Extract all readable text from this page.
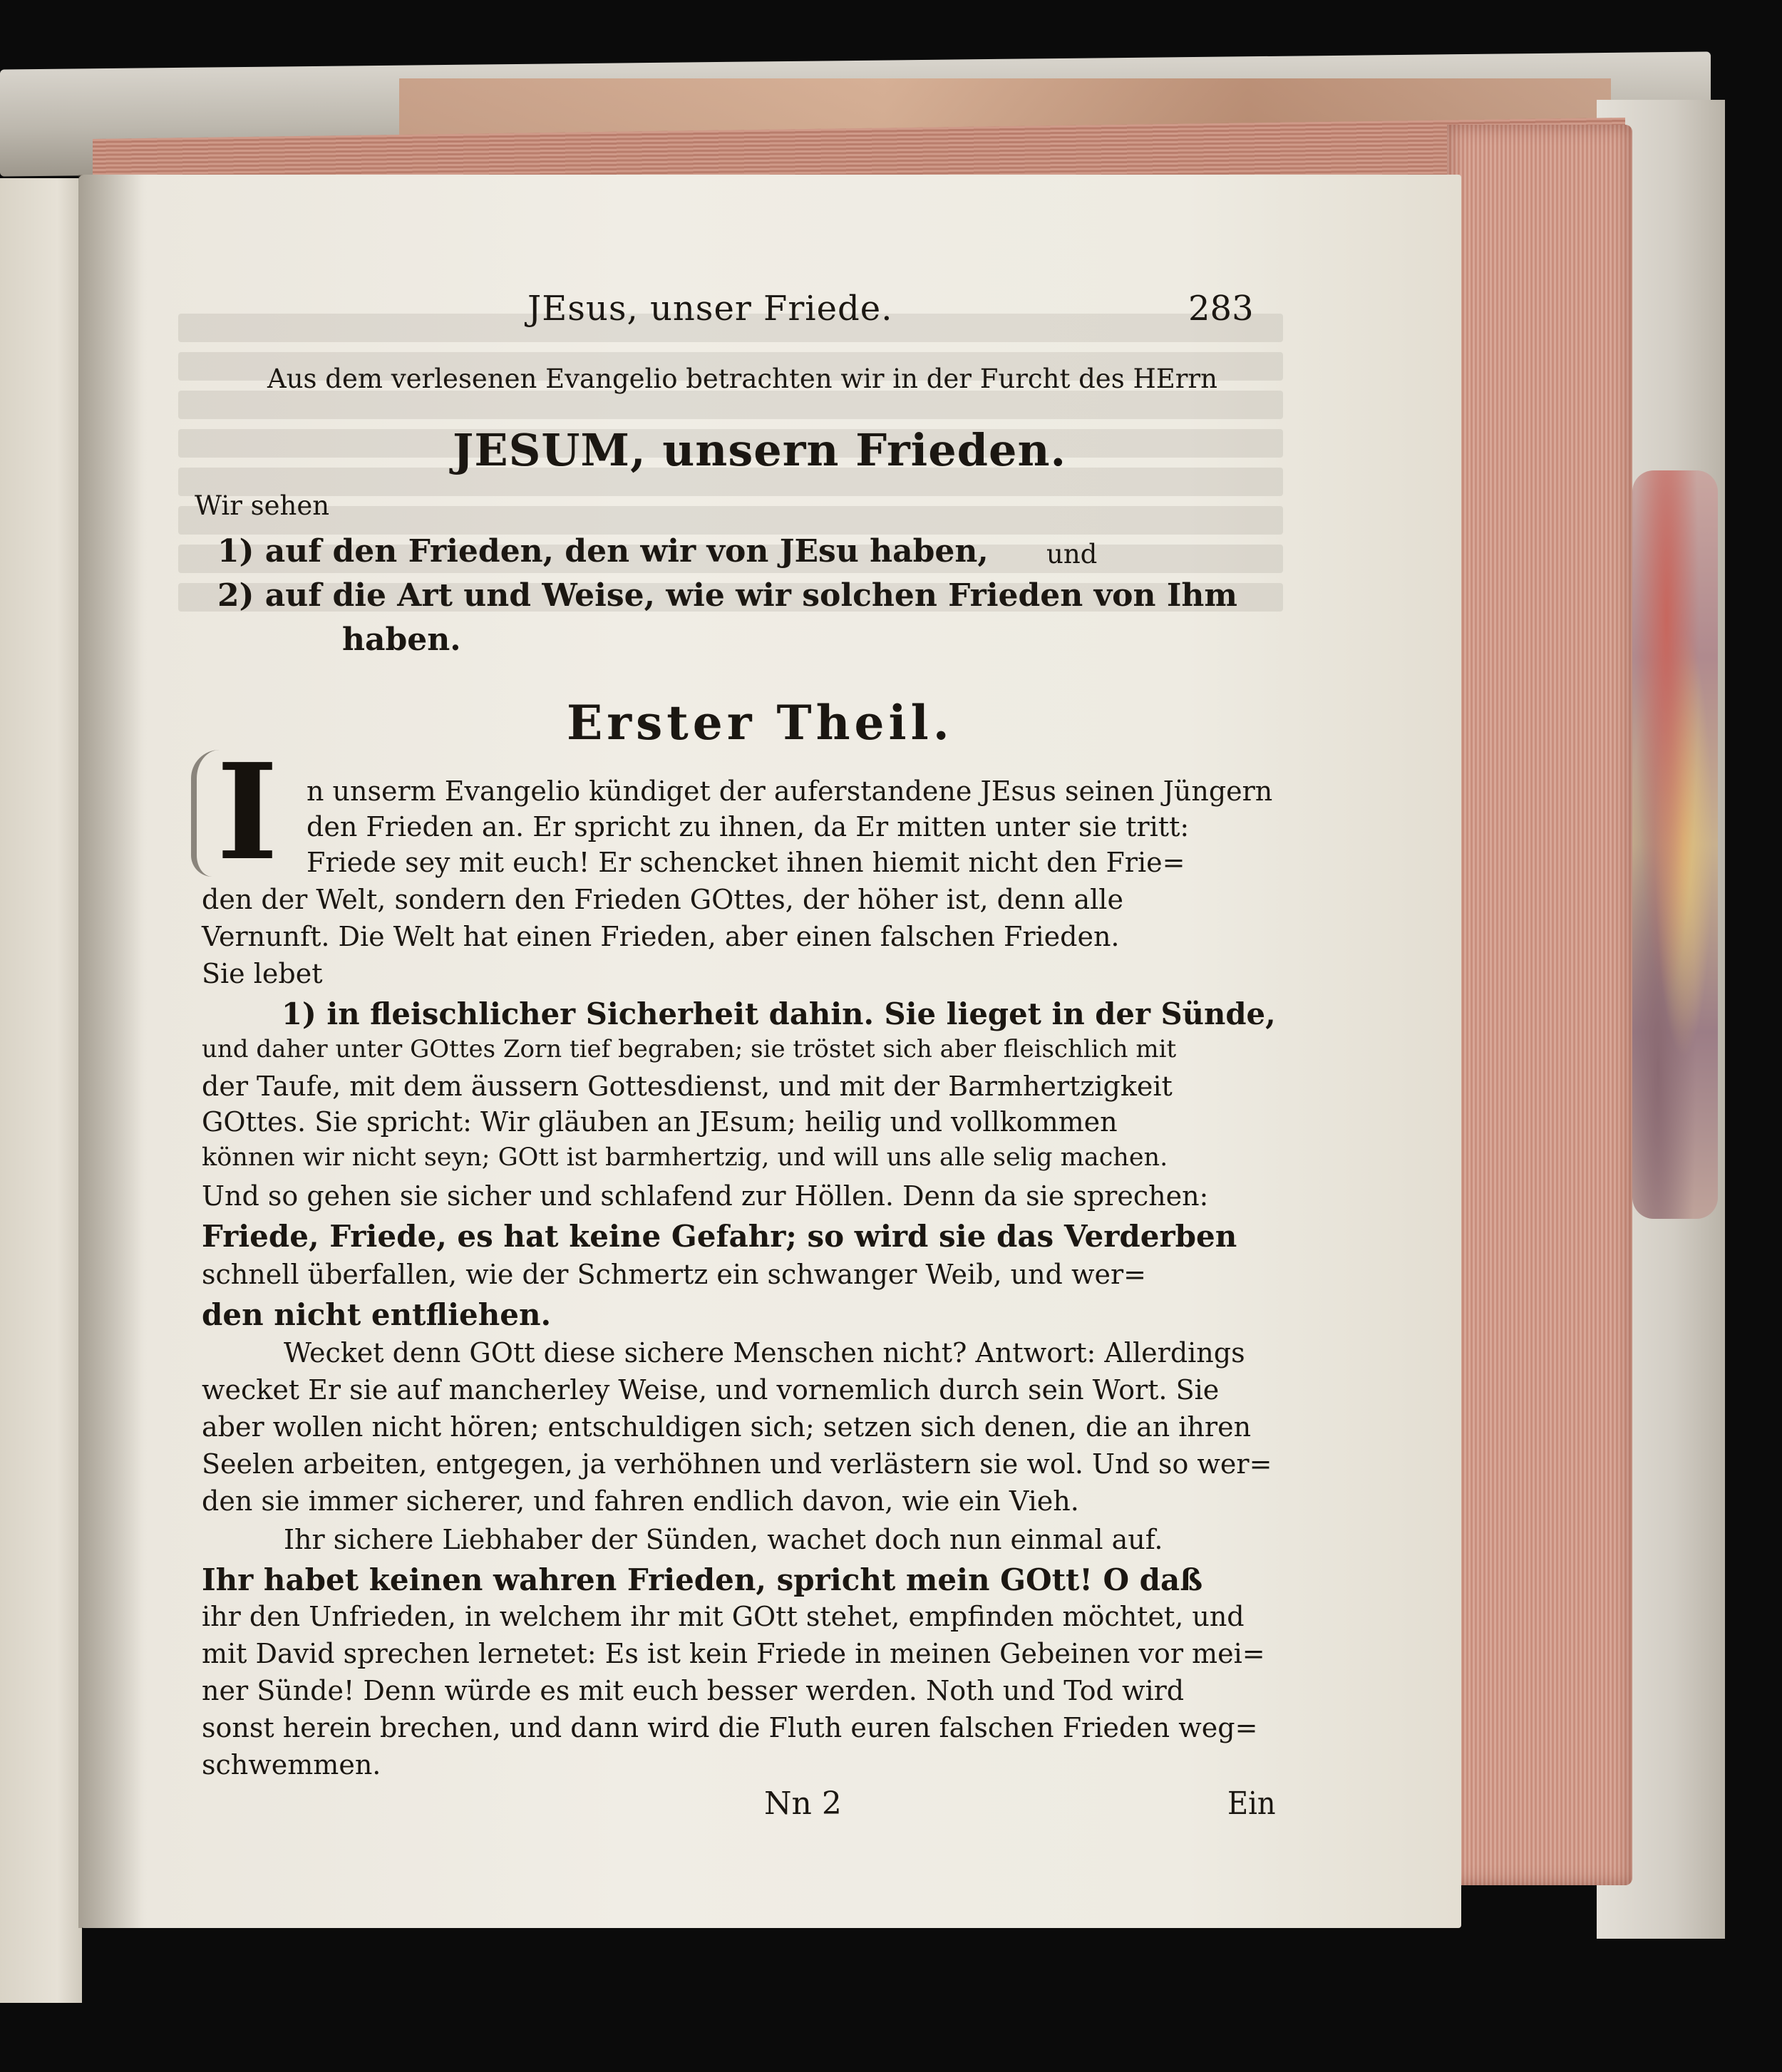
JEsus, unser Friede.	283
Aus dem verlesenen Evangelio betrachten wir in der Furcht des HErrn
JESUM, unsern Frieden.
Wir sehen
1) auf den Frieden, den wir von JEsu haben, und
2) auf die Art und Weise, wie wir solchen Frieden von Ihm
haben.
Erster Theil.
I	n unserm Evangelio kündiget der auferstandene JEsus seinen Jüngern
den Frieden an. Er spricht zu ihnen, da Er mitten unter sie tritt:
Friede sey mit euch! Er schencket ihnen hiemit nicht den Frie=
den der Welt, sondern den Frieden GOttes, der höher ist, denn alle
Vernunft. Die Welt hat einen Frieden, aber einen falschen Frieden.
Sie lebet
1) in fleischlicher Sicherheit dahin. Sie lieget in der Sünde,
und daher unter GOttes Zorn tief begraben; sie tröstet sich aber fleischlich mit
der Taufe, mit dem äussern Gottesdienst, und mit der Barmhertzigkeit
GOttes. Sie spricht: Wir gläuben an JEsum; heilig und vollkommen
können wir nicht seyn; GOtt ist barmhertzig, und will uns alle selig machen.
Und so gehen sie sicher und schlafend zur Höllen. Denn da sie sprechen:
Friede, Friede, es hat keine Gefahr; so wird sie das Verderben
schnell überfallen, wie der Schmertz ein schwanger Weib, und wer=
den nicht entfliehen.
Wecket denn GOtt diese sichere Menschen nicht? Antwort: Allerdings
wecket Er sie auf mancherley Weise, und vornemlich durch sein Wort. Sie
aber wollen nicht hören; entschuldigen sich; setzen sich denen, die an ihren
Seelen arbeiten, entgegen, ja verhöhnen und verlästern sie wol. Und so wer=
den sie immer sicherer, und fahren endlich davon, wie ein Vieh.
Ihr sichere Liebhaber der Sünden, wachet doch nun einmal auf.
Ihr habet keinen wahren Frieden, spricht mein GOtt! O daß
ihr den Unfrieden, in welchem ihr mit GOtt stehet, empfinden möchtet, und
mit David sprechen lernetet: Es ist kein Friede in meinen Gebeinen vor mei=
ner Sünde! Denn würde es mit euch besser werden. Noth und Tod wird
sonst herein brechen, und dann wird die Fluth euren falschen Frieden weg=
schwemmen.
Nn 2	Ein
